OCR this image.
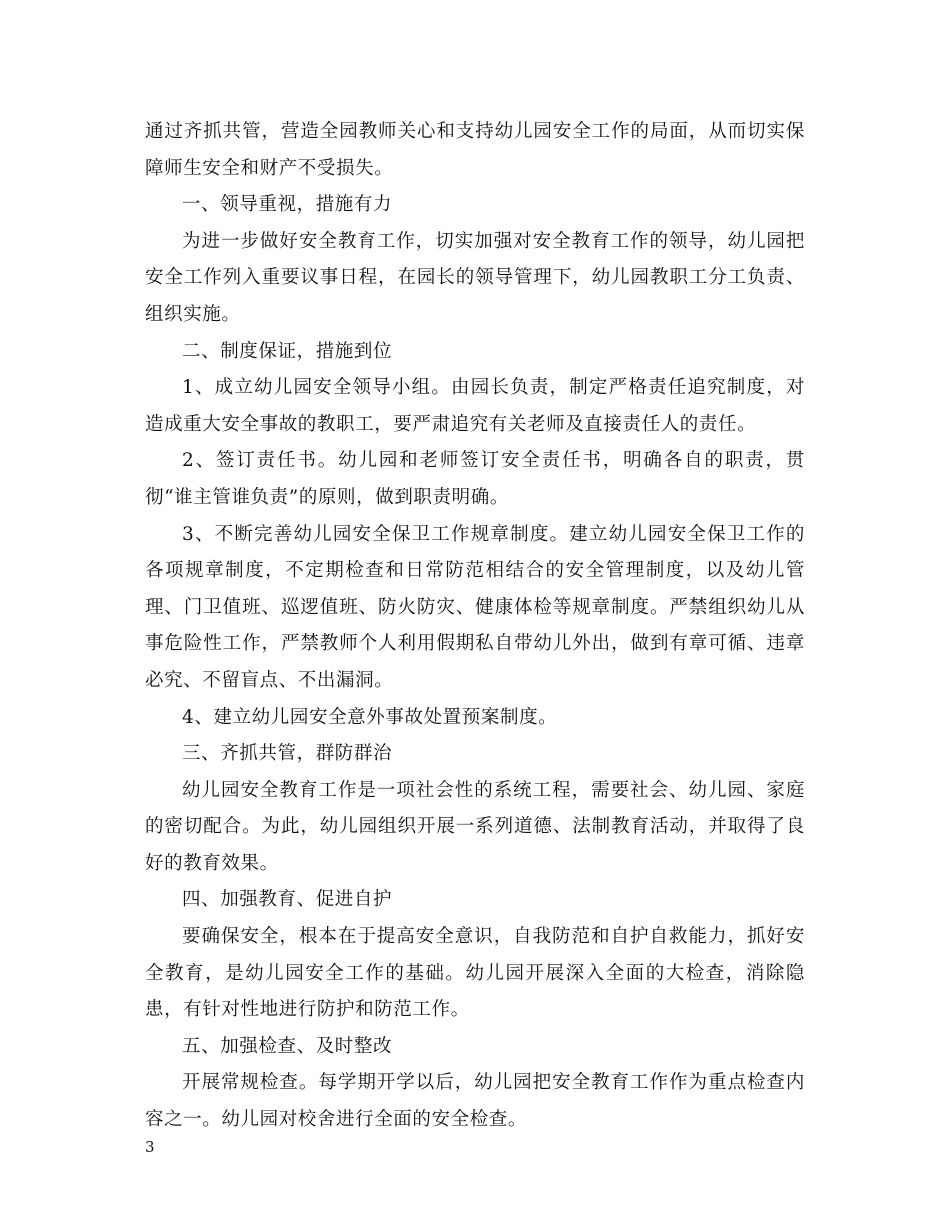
通过齐抓共管，营造全园教师关心和支持幼儿园安全工作的局面，从而切实保障师生安全和财产不受损失。

一、领导重视，措施有力

为进一步做好安全教育工作，切实加强对安全教育工作的领导，幼儿园把安全工作列入重要议事日程，在园长的领导管理下，幼儿园教职工分工负责、组织实施。

二、制度保证，措施到位

1、成立幼儿园安全领导小组。由园长负责，制定严格责任追究制度，对造成重大安全事故的教职工，要严肃追究有关老师及直接责任人的责任。

2、签订责任书。幼儿园和老师签订安全责任书，明确各自的职责，贯彻“谁主管谁负责”的原则，做到职责明确。

3、不断完善幼儿园安全保卫工作规章制度。建立幼儿园安全保卫工作的各项规章制度，不定期检查和日常防范相结合的安全管理制度，以及幼儿管理、门卫值班、巡逻值班、防火防灾、健康体检等规章制度。严禁组织幼儿从事危险性工作，严禁教师个人利用假期私自带幼儿外出，做到有章可循、违章必究、不留盲点、不出漏洞。

4、建立幼儿园安全意外事故处置预案制度。

三、齐抓共管，群防群治

幼儿园安全教育工作是一项社会性的系统工程，需要社会、幼儿园、家庭的密切配合。为此，幼儿园组织开展一系列道德、法制教育活动，并取得了良好的教育效果。

四、加强教育、促进自护

要确保安全，根本在于提高安全意识，自我防范和自护自救能力，抓好安全教育，是幼儿园安全工作的基础。幼儿园开展深入全面的大检查，消除隐患，有针对性地进行防护和防范工作。

五、加强检查、及时整改

开展常规检查。每学期开学以后，幼儿园把安全教育工作作为重点检查内容之一。幼儿园对校舍进行全面的安全检查。

3
